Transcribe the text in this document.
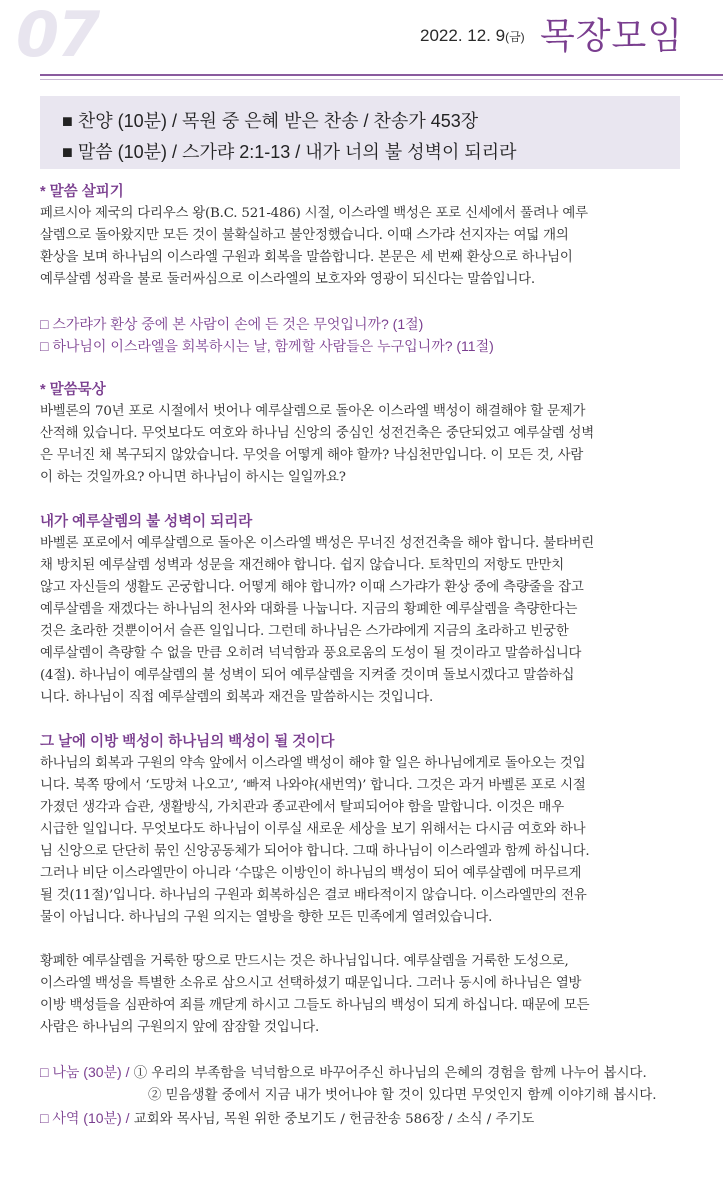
07	2022. 12. 9(금) 목장모임
■ 찬양 (10분) / 목원 중 은혜 받은 찬송 / 찬송가 453장
■ 말씀 (10분) / 스가랴 2:1-13 / 내가 너의 불 성벽이 되리라

* 말씀 살피기

페르시아 제국의 다리우스 왕(B.C. 521-486) 시절, 이스라엘 백성은 포로 신세에서 풀려나 예루

살렘으로 돌아왔지만 모든 것이 불확실하고 불안정했습니다. 이때 스가랴 선지자는 여덟 개의

환상을 보며 하나님의 이스라엘 구원과 회복을 말씀합니다. 본문은 세 번째 환상으로 하나님이

예루살렘 성곽을 불로 둘러싸심으로 이스라엘의 보호자와 영광이 되신다는 말씀입니다.

□ 스가랴가 환상 중에 본 사람이 손에 든 것은 무엇입니까? (1절)

□ 하나님이 이스라엘을 회복하시는 날, 함께할 사람들은 누구입니까? (11절)

* 말씀묵상

바벨론의 70년 포로 시절에서 벗어나 예루살렘으로 돌아온 이스라엘 백성이 해결해야 할 문제가

산적해 있습니다. 무엇보다도 여호와 하나님 신앙의 중심인 성전건축은 중단되었고 예루살렘 성벽

은 무너진 채 복구되지 않았습니다. 무엇을 어떻게 해야 할까? 낙심천만입니다. 이 모든 것, 사람

이 하는 것일까요? 아니면 하나님이 하시는 일일까요?

내가 예루살렘의 불 성벽이 되리라

바벨론 포로에서 예루살렘으로 돌아온 이스라엘 백성은 무너진 성전건축을 해야 합니다. 불타버린

채 방치된 예루살렘 성벽과 성문을 재건해야 합니다. 쉽지 않습니다. 토착민의 저항도 만만치

않고 자신들의 생활도 곤궁합니다. 어떻게 해야 합니까? 이때 스가랴가 환상 중에 측량줄을 잡고

예루살렘을 재겠다는 하나님의 천사와 대화를 나눕니다. 지금의 황폐한 예루살렘을 측량한다는

것은 초라한 것뿐이어서 슬픈 일입니다. 그런데 하나님은 스가랴에게 지금의 초라하고 빈궁한

예루살렘이 측량할 수 없을 만큼 오히려 넉넉함과 풍요로움의 도성이 될 것이라고 말씀하십니다

(4절). 하나님이 예루살렘의 불 성벽이 되어 예루살렘을 지켜줄 것이며 돌보시겠다고 말씀하십

니다. 하나님이 직접 예루살렘의 회복과 재건을 말씀하시는 것입니다.

그 날에 이방 백성이 하나님의 백성이 될 것이다

하나님의 회복과 구원의 약속 앞에서 이스라엘 백성이 해야 할 일은 하나님에게로 돌아오는 것입

니다. 북쪽 땅에서 ‘도망쳐 나오고’, ‘빠져 나와야(새번역)’ 합니다. 그것은 과거 바벨론 포로 시절

가졌던 생각과 습관, 생활방식, 가치관과 종교관에서 탈피되어야 함을 말합니다. 이것은 매우

시급한 일입니다. 무엇보다도 하나님이 이루실 새로운 세상을 보기 위해서는 다시금 여호와 하나

님 신앙으로 단단히 묶인 신앙공동체가 되어야 합니다. 그때 하나님이 이스라엘과 함께 하십니다.

그러나 비단 이스라엘만이 아니라 ‘수많은 이방인이 하나님의 백성이 되어 예루살렘에 머무르게

될 것(11절)’입니다. 하나님의 구원과 회복하심은 결코 배타적이지 않습니다. 이스라엘만의 전유

물이 아닙니다. 하나님의 구원 의지는 열방을 향한 모든 민족에게 열려있습니다.

황폐한 예루살렘을 거룩한 땅으로 만드시는 것은 하나님입니다. 예루살렘을 거룩한 도성으로,

이스라엘 백성을 특별한 소유로 삼으시고 선택하셨기 때문입니다. 그러나 동시에 하나님은 열방

이방 백성들을 심판하여 죄를 깨닫게 하시고 그들도 하나님의 백성이 되게 하십니다. 때문에 모든

사람은 하나님의 구원의지 앞에 잠잠할 것입니다.

□ 나눔 (30분) / ① 우리의 부족함을 넉넉함으로 바꾸어주신 하나님의 은혜의 경험을 함께 나누어 봅시다.

② 믿음생활 중에서 지금 내가 벗어나야 할 것이 있다면 무엇인지 함께 이야기해 봅시다.

□ 사역 (10분) / 교회와 목사님, 목원 위한 중보기도 / 헌금찬송 586장 / 소식 / 주기도
